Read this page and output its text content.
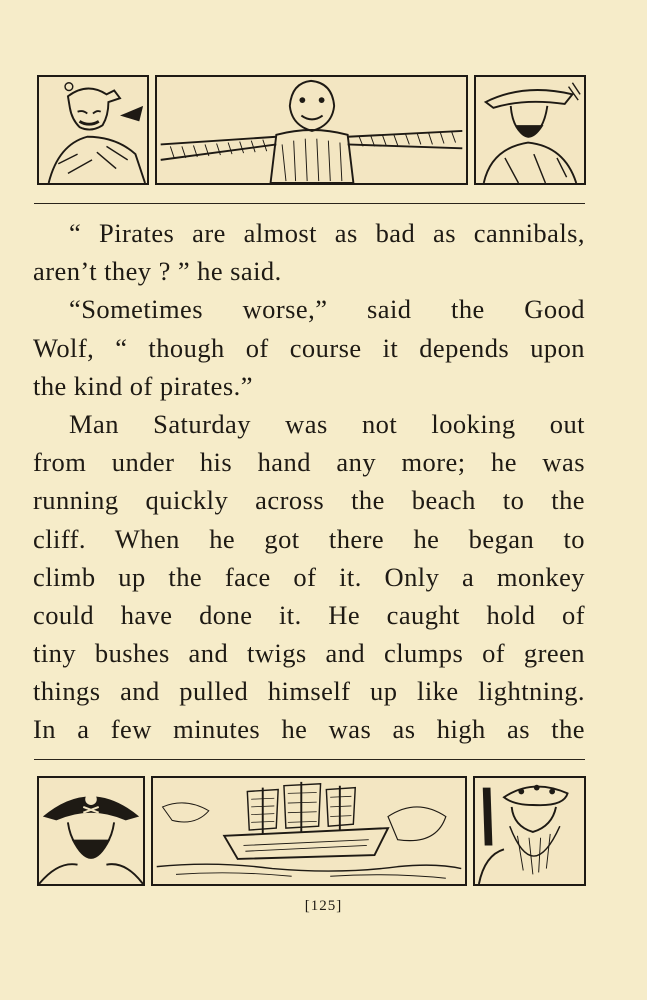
“ Pirates are almost as bad as cannibals,
aren’t they ? ” he said.
“Sometimes worse,” said the Good
Wolf, “ though of course it depends upon
the kind of pirates.”
Man Saturday was not looking out
from under his hand any more; he was
running quickly across the beach to the
cliff. When he got there he began to
climb up the face of it. Only a monkey
could have done it. He caught hold of
tiny bushes and twigs and clumps of green
things and pulled himself up like lightning.
In a few minutes he was as high as the
[125]
